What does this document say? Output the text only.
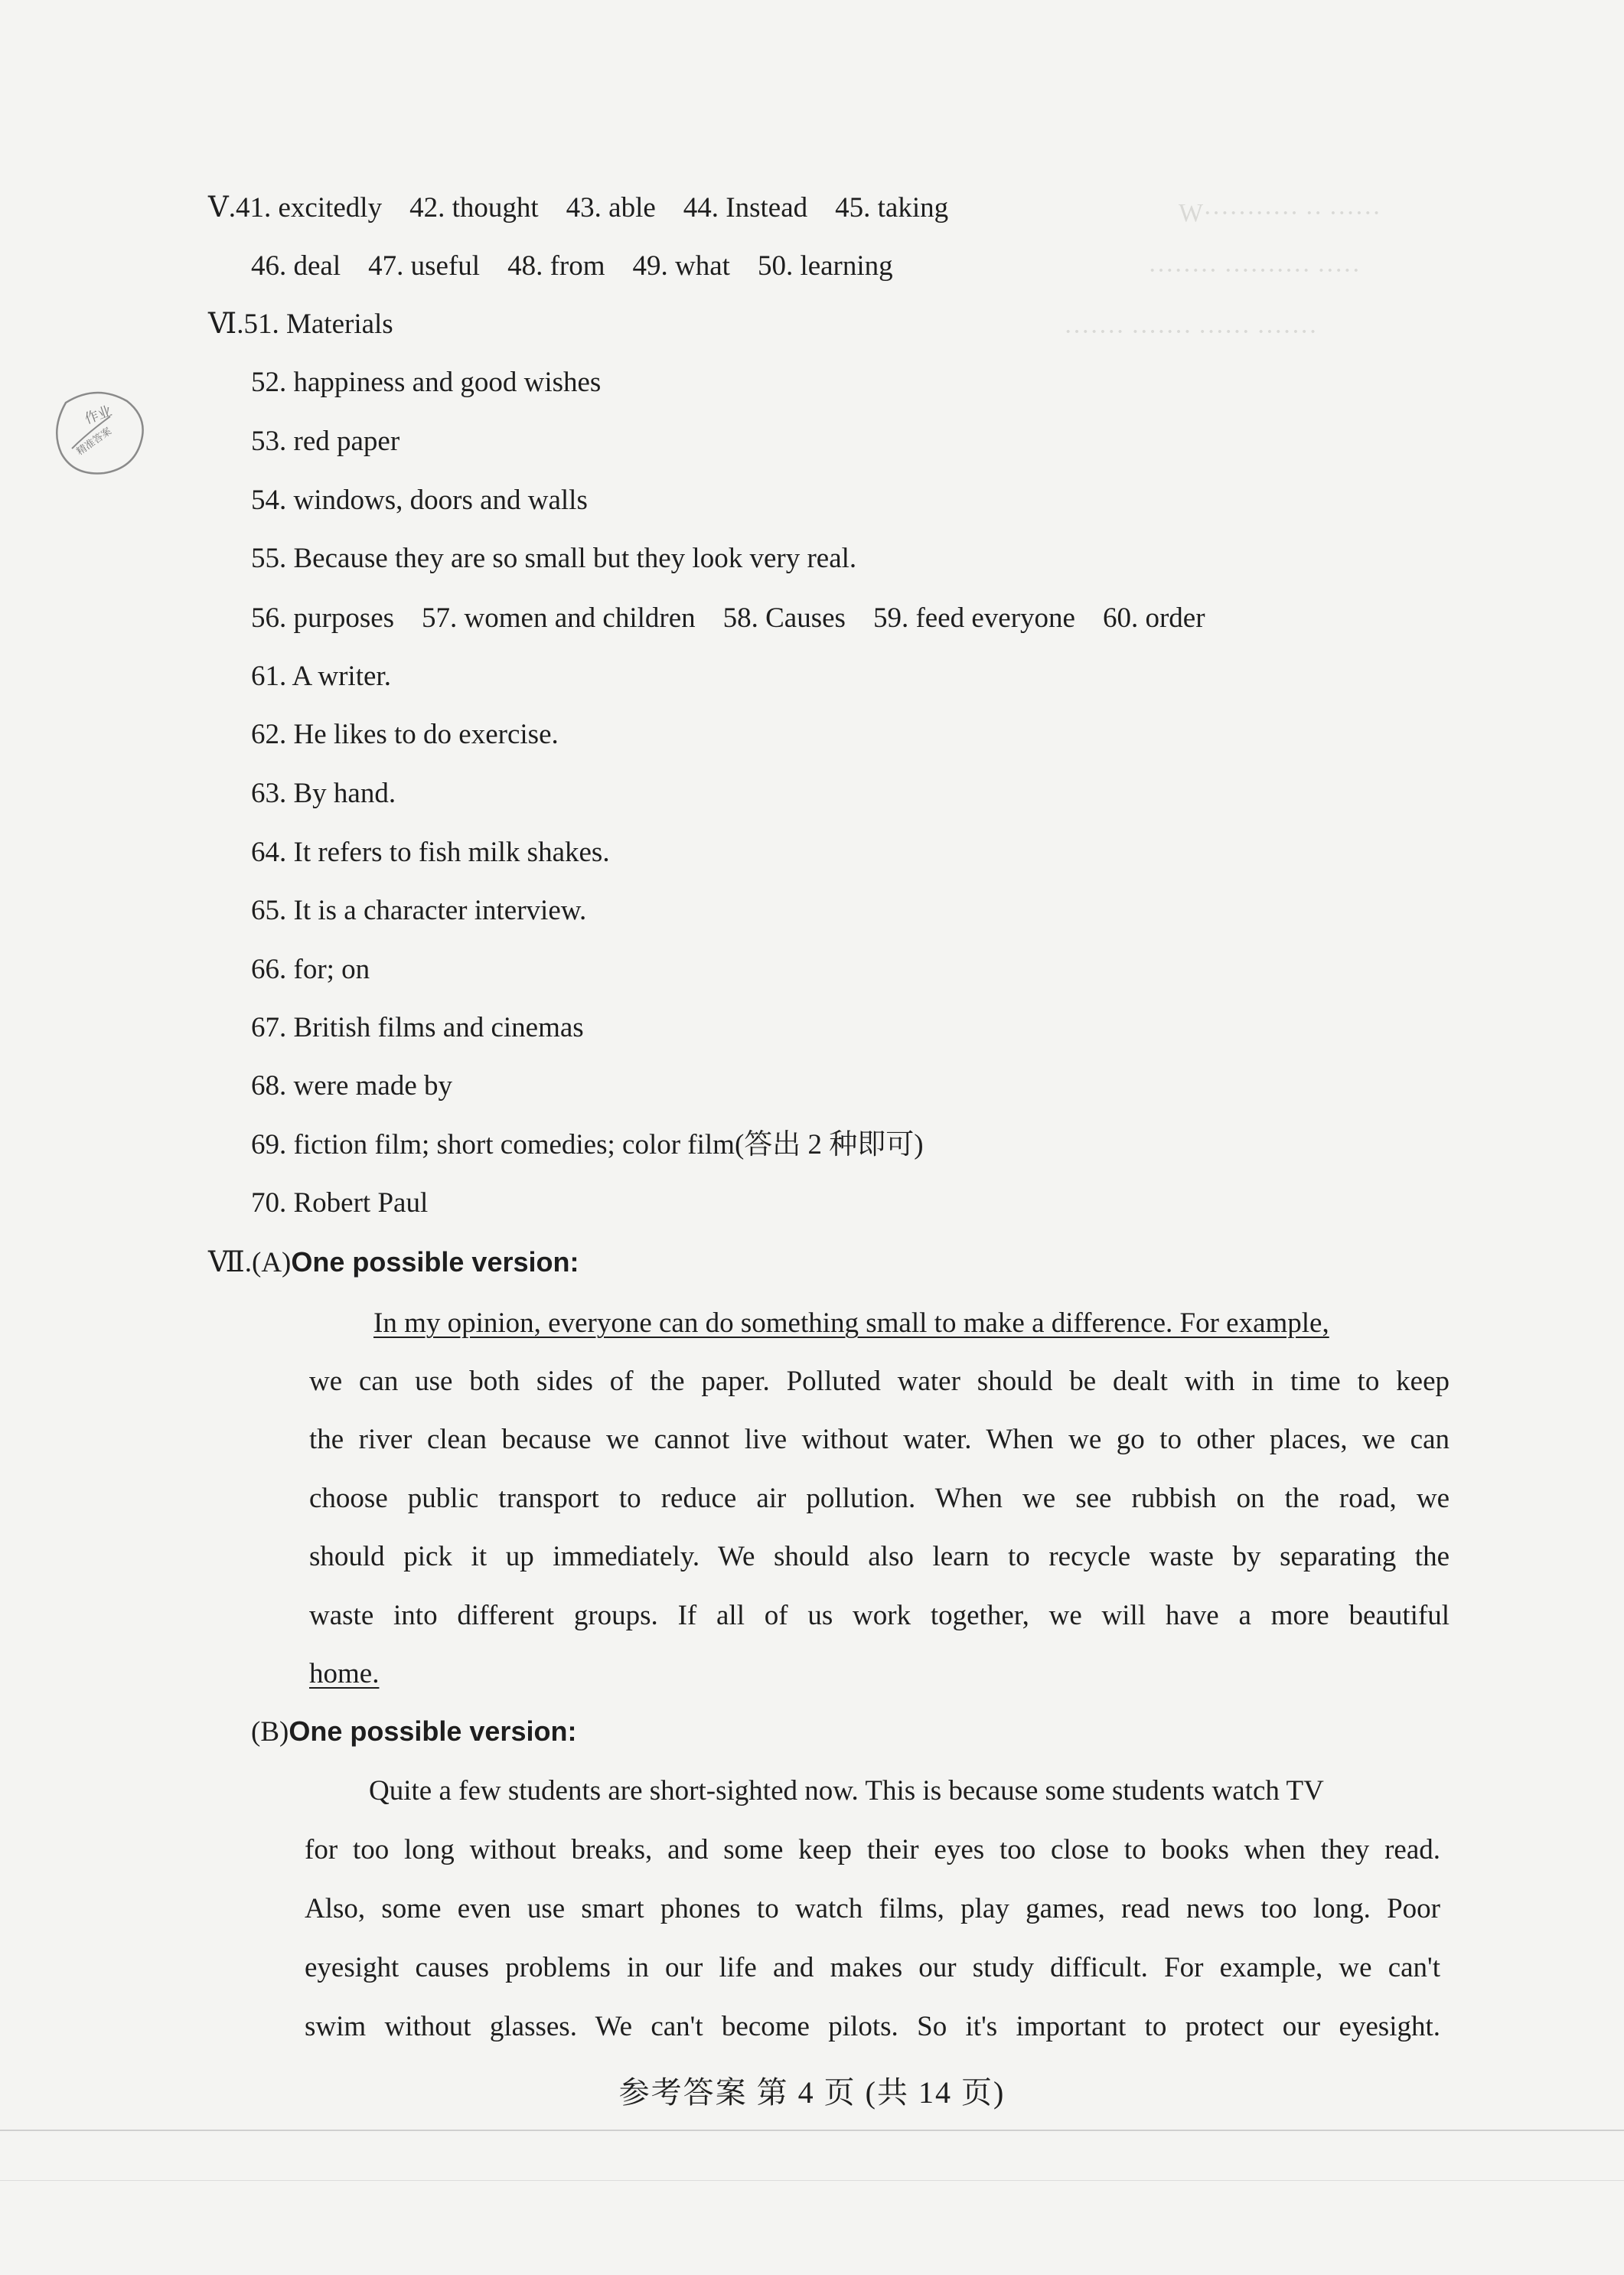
W··········· ·· ······
········ ·········· ·····
······· ······· ······ ·······
作业
精准答案
Ⅴ.41. excitedly 42. thought 43. able 44. Instead 45. taking
46. deal 47. useful 48. from 49. what 50. learning
Ⅵ.51. Materials
52. happiness and good wishes
53. red paper
54. windows, doors and walls
55. Because they are so small but they look very real.
56. purposes 57. women and children 58. Causes 59. feed everyone 60. order
61. A writer.
62. He likes to do exercise.
63. By hand.
64. It refers to fish milk shakes.
65. It is a character interview.
66. for; on
67. British films and cinemas
68. were made by
69. fiction film; short comedies; color film(答出 2 种即可)
70. Robert Paul
Ⅶ.(A)One possible version:
In my opinion, everyone can do something small to make a difference. For example,
we can use both sides of the paper. Polluted water should be dealt with in time to keep
the river clean because we cannot live without water. When we go to other places, we can
choose public transport to reduce air pollution. When we see rubbish on the road, we
should pick it up immediately. We should also learn to recycle waste by separating the
waste into different groups. If all of us work together, we will have a more beautiful
home.
(B)One possible version:
Quite a few students are short-sighted now. This is because some students watch TV
for too long without breaks, and some keep their eyes too close to books when they read.
Also, some even use smart phones to watch films, play games, read news too long. Poor
eyesight causes problems in our life and makes our study difficult. For example, we can't
swim without glasses. We can't become pilots. So it's important to protect our eyesight.
参考答案 第 4 页 (共 14 页)
